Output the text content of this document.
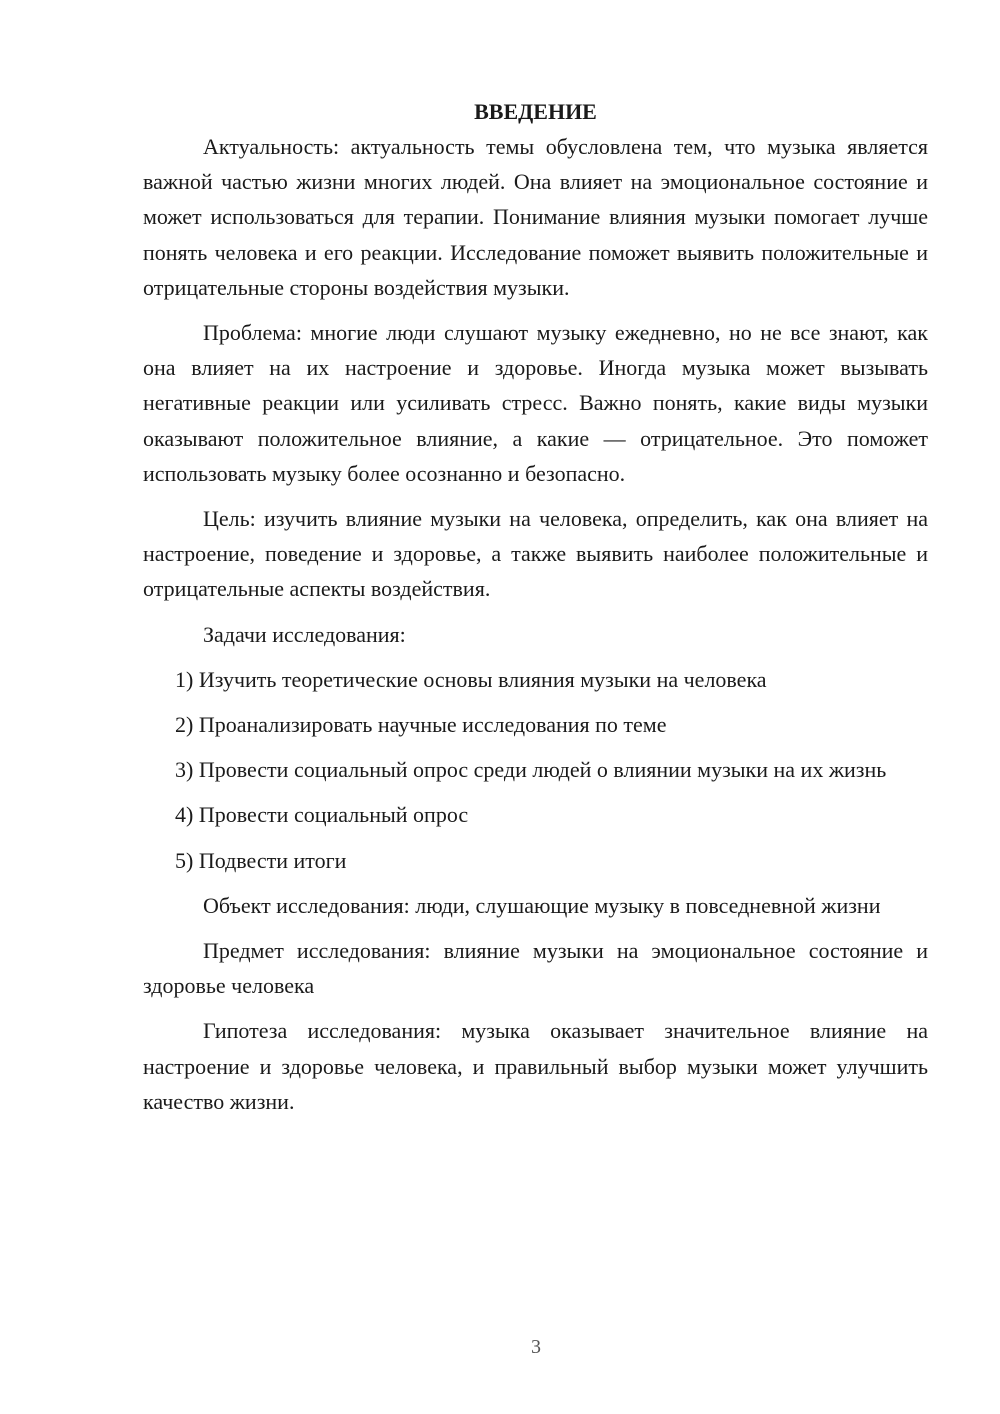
ВВЕДЕНИЕ

Актуальность: актуальность темы обусловлена тем, что музыка является важной частью жизни многих людей. Она влияет на эмоциональное состояние и может использоваться для терапии. Понимание влияния музыки помогает лучше понять человека и его реакции. Исследование поможет выявить положительные и отрицательные стороны воздействия музыки.

Проблема: многие люди слушают музыку ежедневно, но не все знают, как она влияет на их настроение и здоровье. Иногда музыка может вызывать негативные реакции или усиливать стресс. Важно понять, какие виды музыки оказывают положительное влияние, а какие — отрицательное. Это поможет использовать музыку более осознанно и безопасно.

Цель: изучить влияние музыки на человека, определить, как она влияет на настроение, поведение и здоровье, а также выявить наиболее положительные и отрицательные аспекты воздействия.

Задачи исследования:

1) Изучить теоретические основы влияния музыки на человека

2) Проанализировать научные исследования по теме

3) Провести социальный опрос среди людей о влиянии музыки на их жизнь

4) Провести социальный опрос

5) Подвести итоги

Объект исследования: люди, слушающие музыку в повседневной жизни

Предмет исследования: влияние музыки на эмоциональное состояние и здоровье человека

Гипотеза исследования: музыка оказывает значительное влияние на настроение и здоровье человека, и правильный выбор музыки может улучшить качество жизни.

3
